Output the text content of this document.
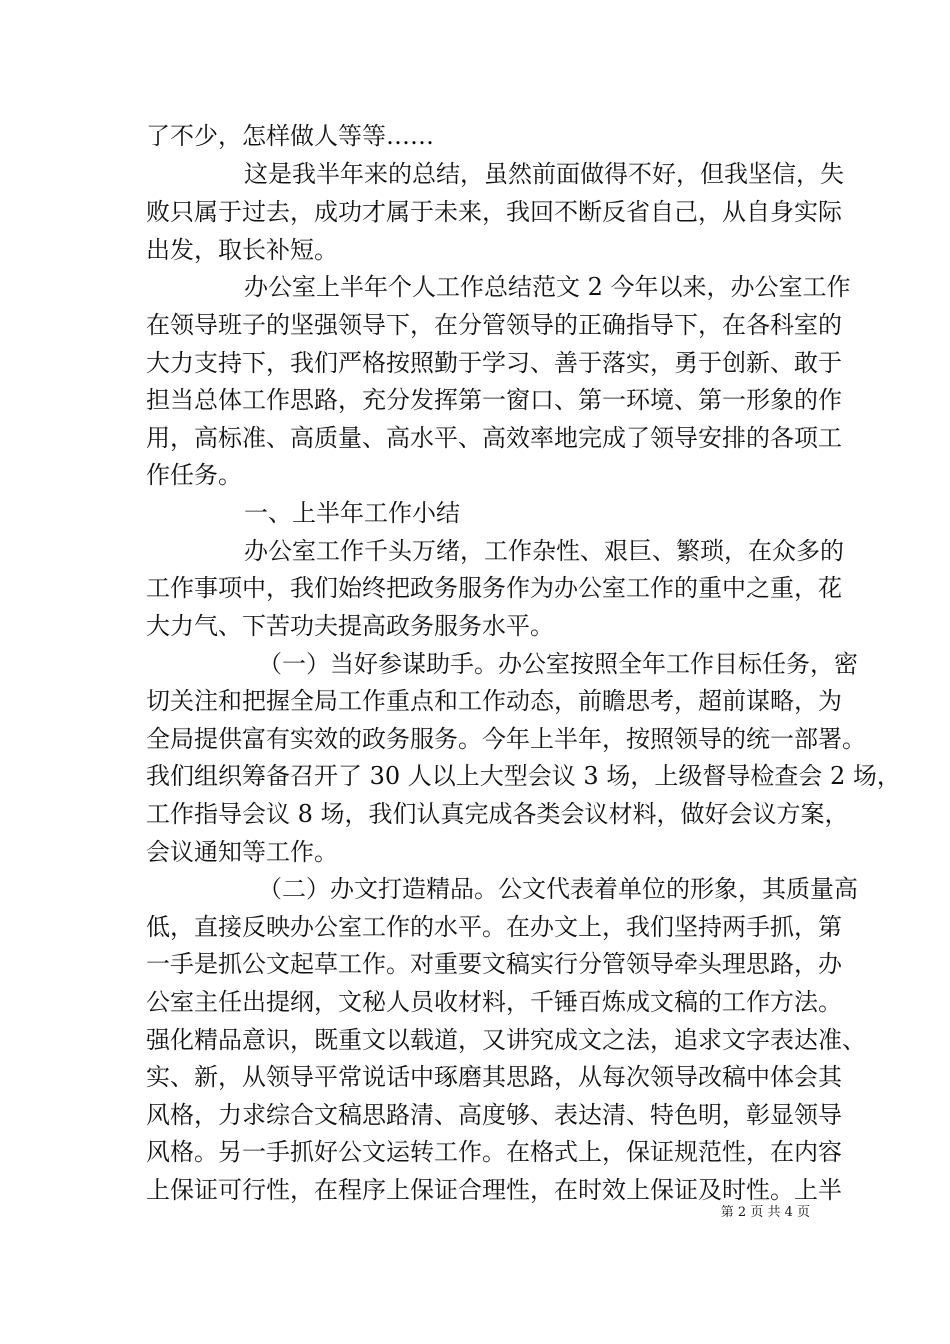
了不少，怎样做人等等……
这是我半年来的总结，虽然前面做得不好，但我坚信，失
败只属于过去，成功才属于未来，我回不断反省自己，从自身实际
出发，取长补短。
办公室上半年个人工作总结范文 2 今年以来，办公室工作
在领导班子的坚强领导下，在分管领导的正确指导下，在各科室的
大力支持下，我们严格按照勤于学习、善于落实，勇于创新、敢于
担当总体工作思路，充分发挥第一窗口、第一环境、第一形象的作
用，高标准、高质量、高水平、高效率地完成了领导安排的各项工
作任务。
一、上半年工作小结
办公室工作千头万绪，工作杂性、艰巨、繁琐，在众多的
工作事项中，我们始终把政务服务作为办公室工作的重中之重，花
大力气、下苦功夫提高政务服务水平。
（一）当好参谋助手。办公室按照全年工作目标任务，密
切关注和把握全局工作重点和工作动态，前瞻思考，超前谋略，为
全局提供富有实效的政务服务。今年上半年，按照领导的统一部署。
我们组织筹备召开了 30 人以上大型会议 3 场，上级督导检查会 2 场，
工作指导会议 8 场，我们认真完成各类会议材料，做好会议方案，
会议通知等工作。
（二）办文打造精品。公文代表着单位的形象，其质量高
低，直接反映办公室工作的水平。在办文上，我们坚持两手抓，第
一手是抓公文起草工作。对重要文稿实行分管领导牵头理思路，办
公室主任出提纲，文秘人员收材料，千锤百炼成文稿的工作方法。
强化精品意识，既重文以载道，又讲究成文之法，追求文字表达准、
实、新，从领导平常说话中琢磨其思路，从每次领导改稿中体会其
风格，力求综合文稿思路清、高度够、表达清、特色明，彰显领导
风格。另一手抓好公文运转工作。在格式上，保证规范性，在内容
上保证可行性，在程序上保证合理性，在时效上保证及时性。上半
第 2 页 共 4 页
